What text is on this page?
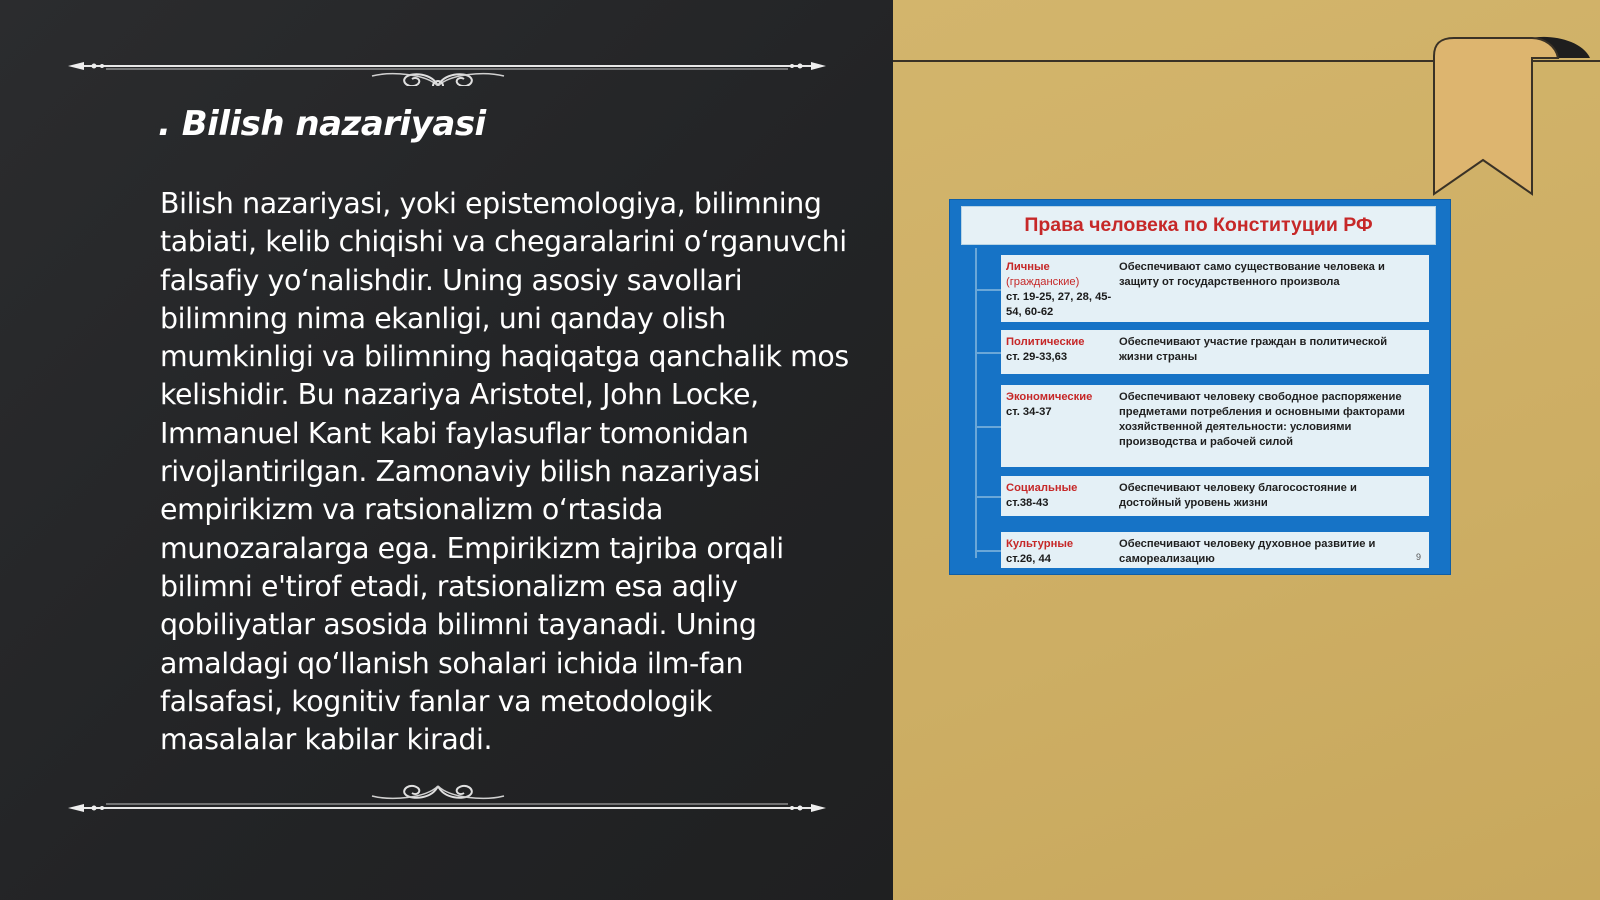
. Bilish nazariyasi

Bilish nazariyasi, yoki epistemologiya, bilimning tabiati, kelib chiqishi va chegaralarini o‘rganuvchi falsafiy yo‘nalishdir. Uning asosiy savollari bilimning nima ekanligi, uni qanday olish mumkinligi va bilimning haqiqatga qanchalik mos kelishidir. Bu nazariya Aristotel, John Locke, Immanuel Kant kabi faylasuflar tomonidan rivojlantirilgan. Zamonaviy bilish nazariyasi empirikizm va ratsionalizm o‘rtasida munozaralarga ega. Empirikizm tajriba orqali bilimni e'tirof etadi, ratsionalizm esa aqliy qobiliyatlar asosida bilimni tayanadi. Uning amaldagi qo‘llanish sohalari ichida ilm-fan falsafasi, kognitiv fanlar va metodologik masalalar kabilar kiradi.

Права человека по Конституции РФ
Личные
(гражданские)
ст. 19-25, 27, 28, 45-54, 60-62
Обеспечивают само существование человека и защиту от государственного произвола
Политические
ст. 29-33,63
Обеспечивают участие граждан в политической жизни страны
Экономические
ст. 34-37
Обеспечивают человеку свободное распоряжение предметами потребления и основными факторами хозяйственной деятельности: условиями производства и рабочей силой
Социальные
ст.38-43
Обеспечивают человеку благосостояние и достойный уровень жизни
Культурные
ст.26, 44
Обеспечивают человеку духовное развитие и самореализацию	9
